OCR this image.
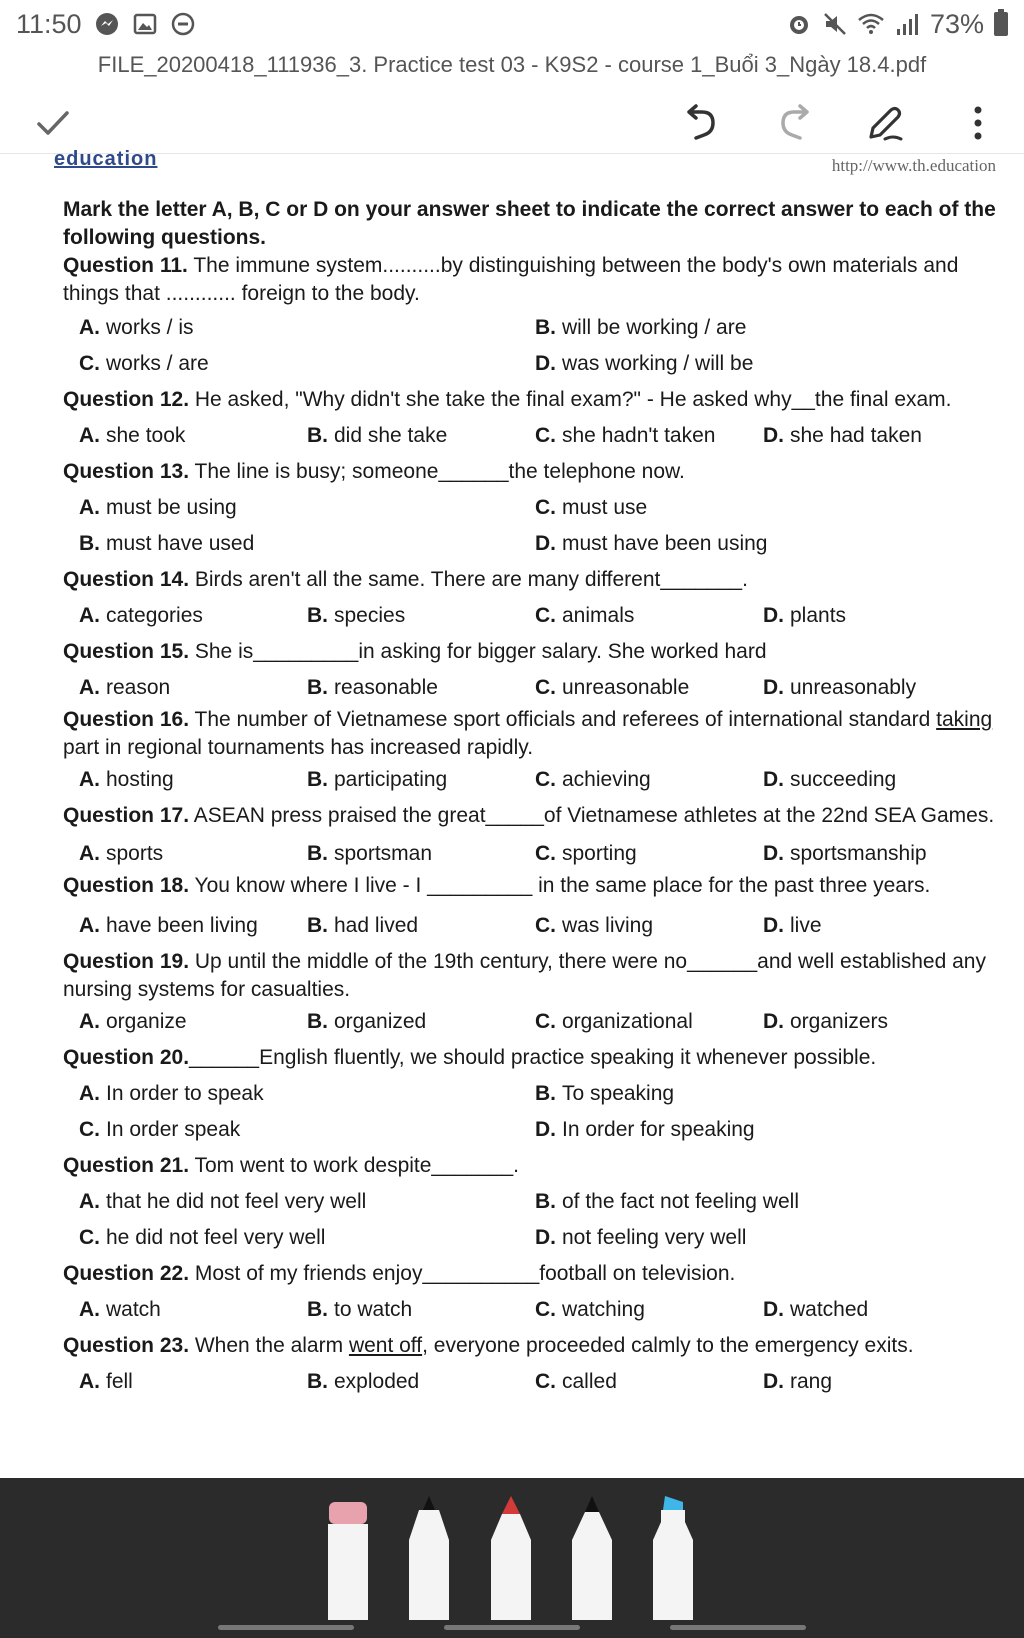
11:50	73%
FILE_20200418_111936_3. Practice test 03 - K9S2 - course 1_Buổi 3_Ngày 18.4.pdf
education	http://www.th.education
Mark the letter A, B, C or D on your answer sheet to indicate the correct answer to each of the following questions.
Question 11. The immune system..........by distinguishing between the body's own materials and things that ............ foreign to the body.
A. works / is	B. will be working / are
C. works / are	D. was working / will be
Question 12. He asked, "Why didn't she take the final exam?" - He asked why__the final exam.
A. she took	B. did she take	C. she hadn't taken D. she had taken
Question 13. The line is busy; someone______the telephone now.
A. must be using	C. must use
B. must have used	D. must have been using
Question 14. Birds aren't all the same. There are many different_______.
A. categories	B. species	C. animals	D. plants
Question 15. She is_________in asking for bigger salary. She worked hard
A. reason	B. reasonable	C. unreasonable	D. unreasonably
Question 16. The number of Vietnamese sport officials and referees of international standard taking part in regional tournaments has increased rapidly.
A. hosting	B. participating	C. achieving	D. succeeding
Question 17. ASEAN press praised the great_____of Vietnamese athletes at the 22nd SEA Games.
A. sports	B. sportsman	C. sporting	D. sportsmanship
Question 18. You know where I live - I _________ in the same place for the past three years.
A. have been living B. had lived	C. was living	D. live
Question 19. Up until the middle of the 19th century, there were no______and well established any nursing systems for casualties.
A. organize	B. organized	C. organizational	D. organizers
Question 20.______English fluently, we should practice speaking it whenever possible.
A. In order to speak	B. To speaking
C. In order speak	D. In order for speaking
Question 21. Tom went to work despite_______.
A. that he did not feel very well	B. of the fact not feeling well
C. he did not feel very well	D. not feeling very well
Question 22. Most of my friends enjoy__________football on television.
A. watch	B. to watch	C. watching	D. watched
Question 23. When the alarm went off, everyone proceeded calmly to the emergency exits.
A. fell	B. exploded	C. called	D. rang
